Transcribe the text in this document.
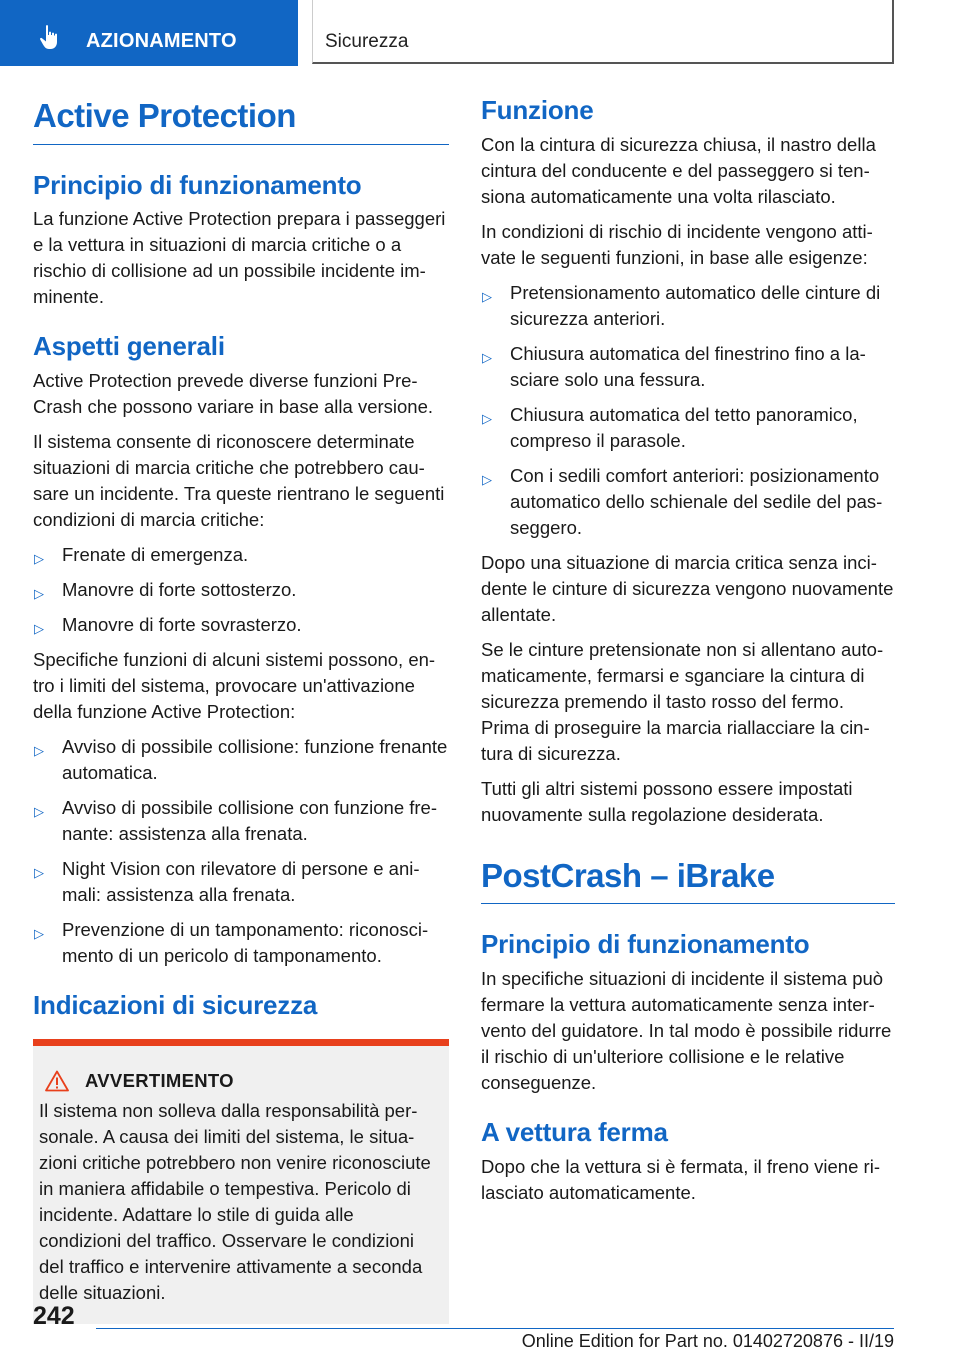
AZIONAMENTO	Sicurezza
Active Protection
Principio di funzionamento

La funzione Active Protection prepara i passeggeri e la vettura in situazioni di marcia critiche o a rischio di collisione ad un possibile incidente imminente.

Aspetti generali

Active Protection prevede diverse funzioni Pre-Crash che possono variare in base alla versione.

Il sistema consente di riconoscere determinate situazioni di marcia critiche che potrebbero causare un incidente. Tra queste rientrano le seguenti condizioni di marcia critiche:

▷ Frenate di emergenza.
▷ Manovre di forte sottosterzo.
▷ Manovre di forte sovrasterzo.

Specifiche funzioni di alcuni sistemi possono, entro i limiti del sistema, provocare un'attivazione della funzione Active Protection:

▷ Avviso di possibile collisione: funzione frenante automatica.
▷ Avviso di possibile collisione con funzione frenante: assistenza alla frenata.
▷ Night Vision con rilevatore di persone e animali: assistenza alla frenata.
▷ Prevenzione di un tamponamento: riconoscimento di un pericolo di tamponamento.
Indicazioni di sicurezza
AVVERTIMENTO

Il sistema non solleva dalla responsabilità personale. A causa dei limiti del sistema, le situazioni critiche potrebbero non venire riconosciute in maniera affidabile o tempestiva. Pericolo di incidente. Adattare lo stile di guida alle condizioni del traffico. Osservare le condizioni del traffico e intervenire attivamente a seconda delle situazioni.

Funzione

Con la cintura di sicurezza chiusa, il nastro della cintura del conducente e del passeggero si tensiona automaticamente una volta rilasciato.

In condizioni di rischio di incidente vengono attivate le seguenti funzioni, in base alle esigenze:

▷ Pretensionamento automatico delle cinture di sicurezza anteriori.
▷ Chiusura automatica del finestrino fino a lasciare solo una fessura.
▷ Chiusura automatica del tetto panoramico, compreso il parasole.
▷ Con i sedili comfort anteriori: posizionamento automatico dello schienale del sedile del passeggero.

Dopo una situazione di marcia critica senza incidente le cinture di sicurezza vengono nuovamente allentate.

Se le cinture pretensionate non si allentano automaticamente, fermarsi e sganciare la cintura di sicurezza premendo il tasto rosso del fermo. Prima di proseguire la marcia riallacciare la cintura di sicurezza.

Tutti gli altri sistemi possono essere impostati nuovamente sulla regolazione desiderata.

PostCrash – iBrake
Principio di funzionamento

In specifiche situazioni di incidente il sistema può fermare la vettura automaticamente senza intervento del guidatore. In tal modo è possibile ridurre il rischio di un'ulteriore collisione e le relative conseguenze.

A vettura ferma

Dopo che la vettura si è fermata, il freno viene rilasciato automaticamente.

242
Online Edition for Part no. 01402720876 - II/19
